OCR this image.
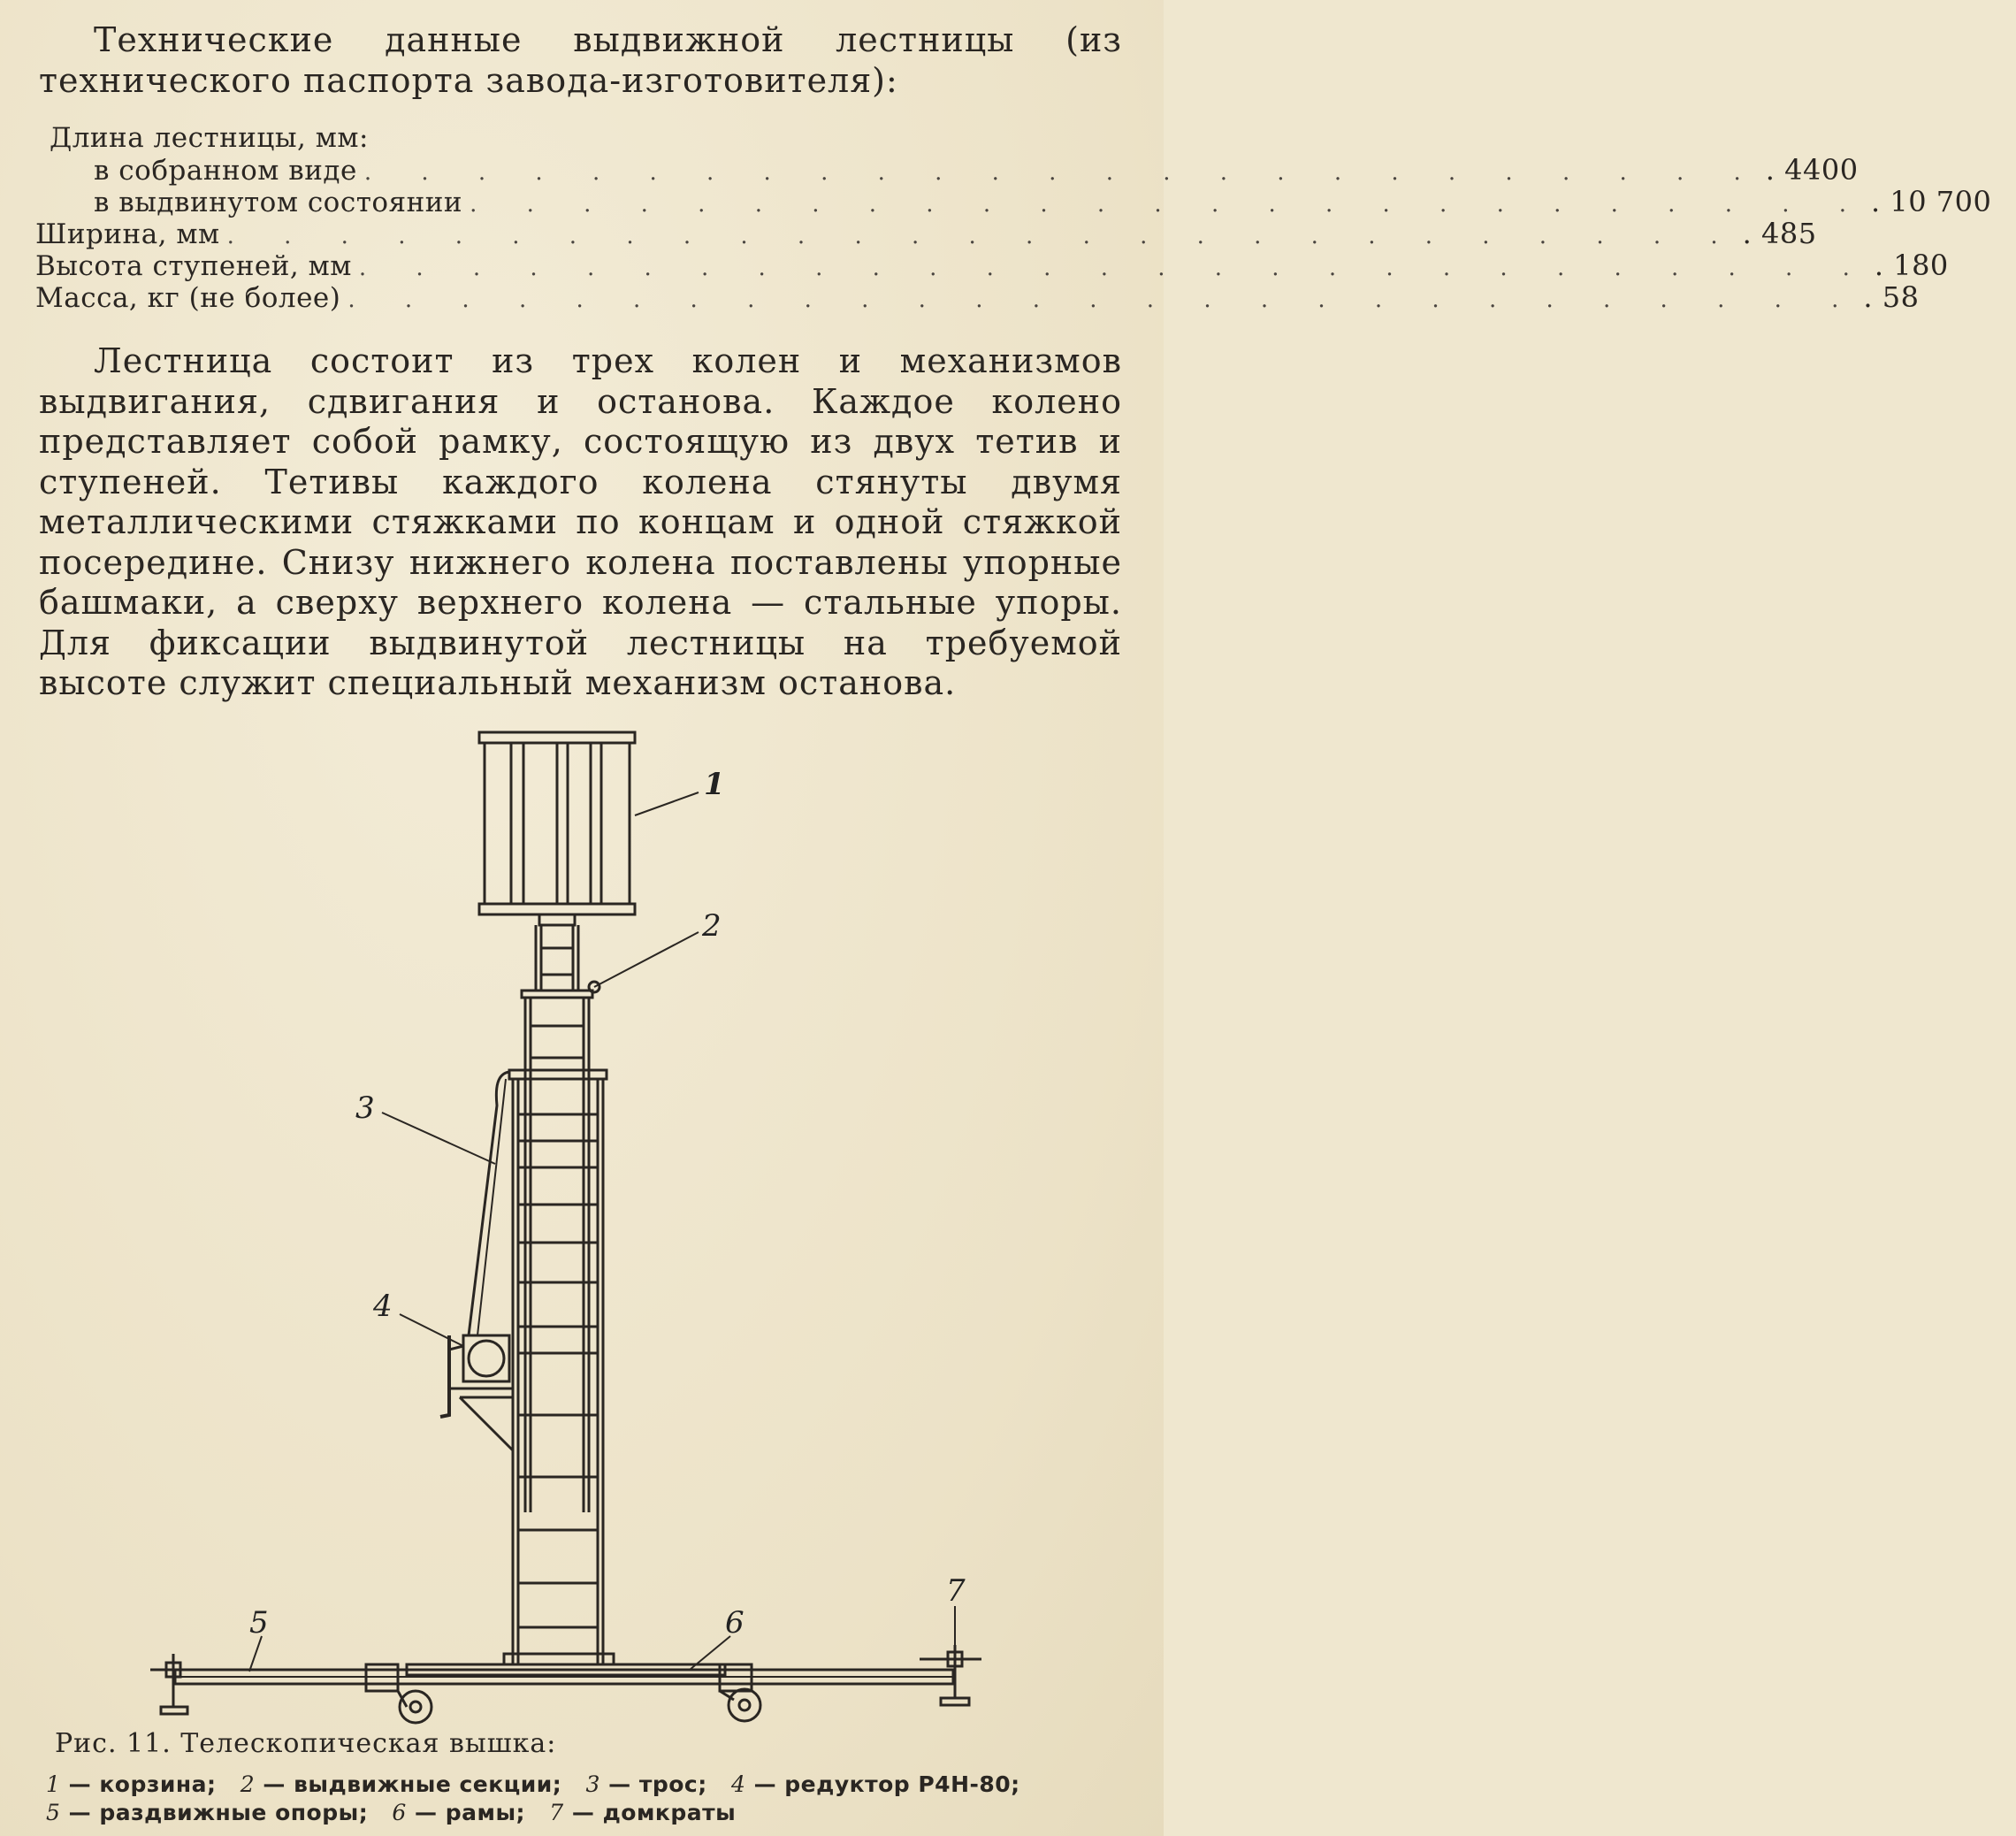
Технические данные выдвижной лестницы (из технического паспорта завода-изготовителя):

Длина лестницы, мм:
в собранном виде . . . . . . . . . . . . . . . . . . . . . . . . . . 4400
в выдвинутом состоянии . . . . . . . . . . . . . . . . . . . . . . . . . . 10 700
Ширина, мм . . . . . . . . . . . . . . . . . . . . . . . . . . . . 485
Высота ступеней, мм . . . . . . . . . . . . . . . . . . . . . . . . . . . . 180
Масса, кг (не более) . . . . . . . . . . . . . . . . . . . . . . . . . . . . 58

Лестница состоит из трех колен и механизмов выдвигания, сдвигания и останова. Каждое колено представляет собой рамку, состоящую из двух тетив и ступеней. Тетивы каждого колена стянуты двумя металлическими стяжками по концам и одной стяжкой посередине. Снизу нижнего колена поставлены упорные башмаки, а сверху верхнего колена — стальные упоры. Для фиксации выдвинутой лестницы на требуемой высоте служит специальный механизм останова.

1
2
3
4
5	6
7
Рис. 11. Телескопическая вышка:
1 — корзина; 2 — выдвижные секции; 3 — трос; 4 — редуктор Р4Н-80; 5 — раздвижные опоры; 6 — рамы; 7 — домкраты
